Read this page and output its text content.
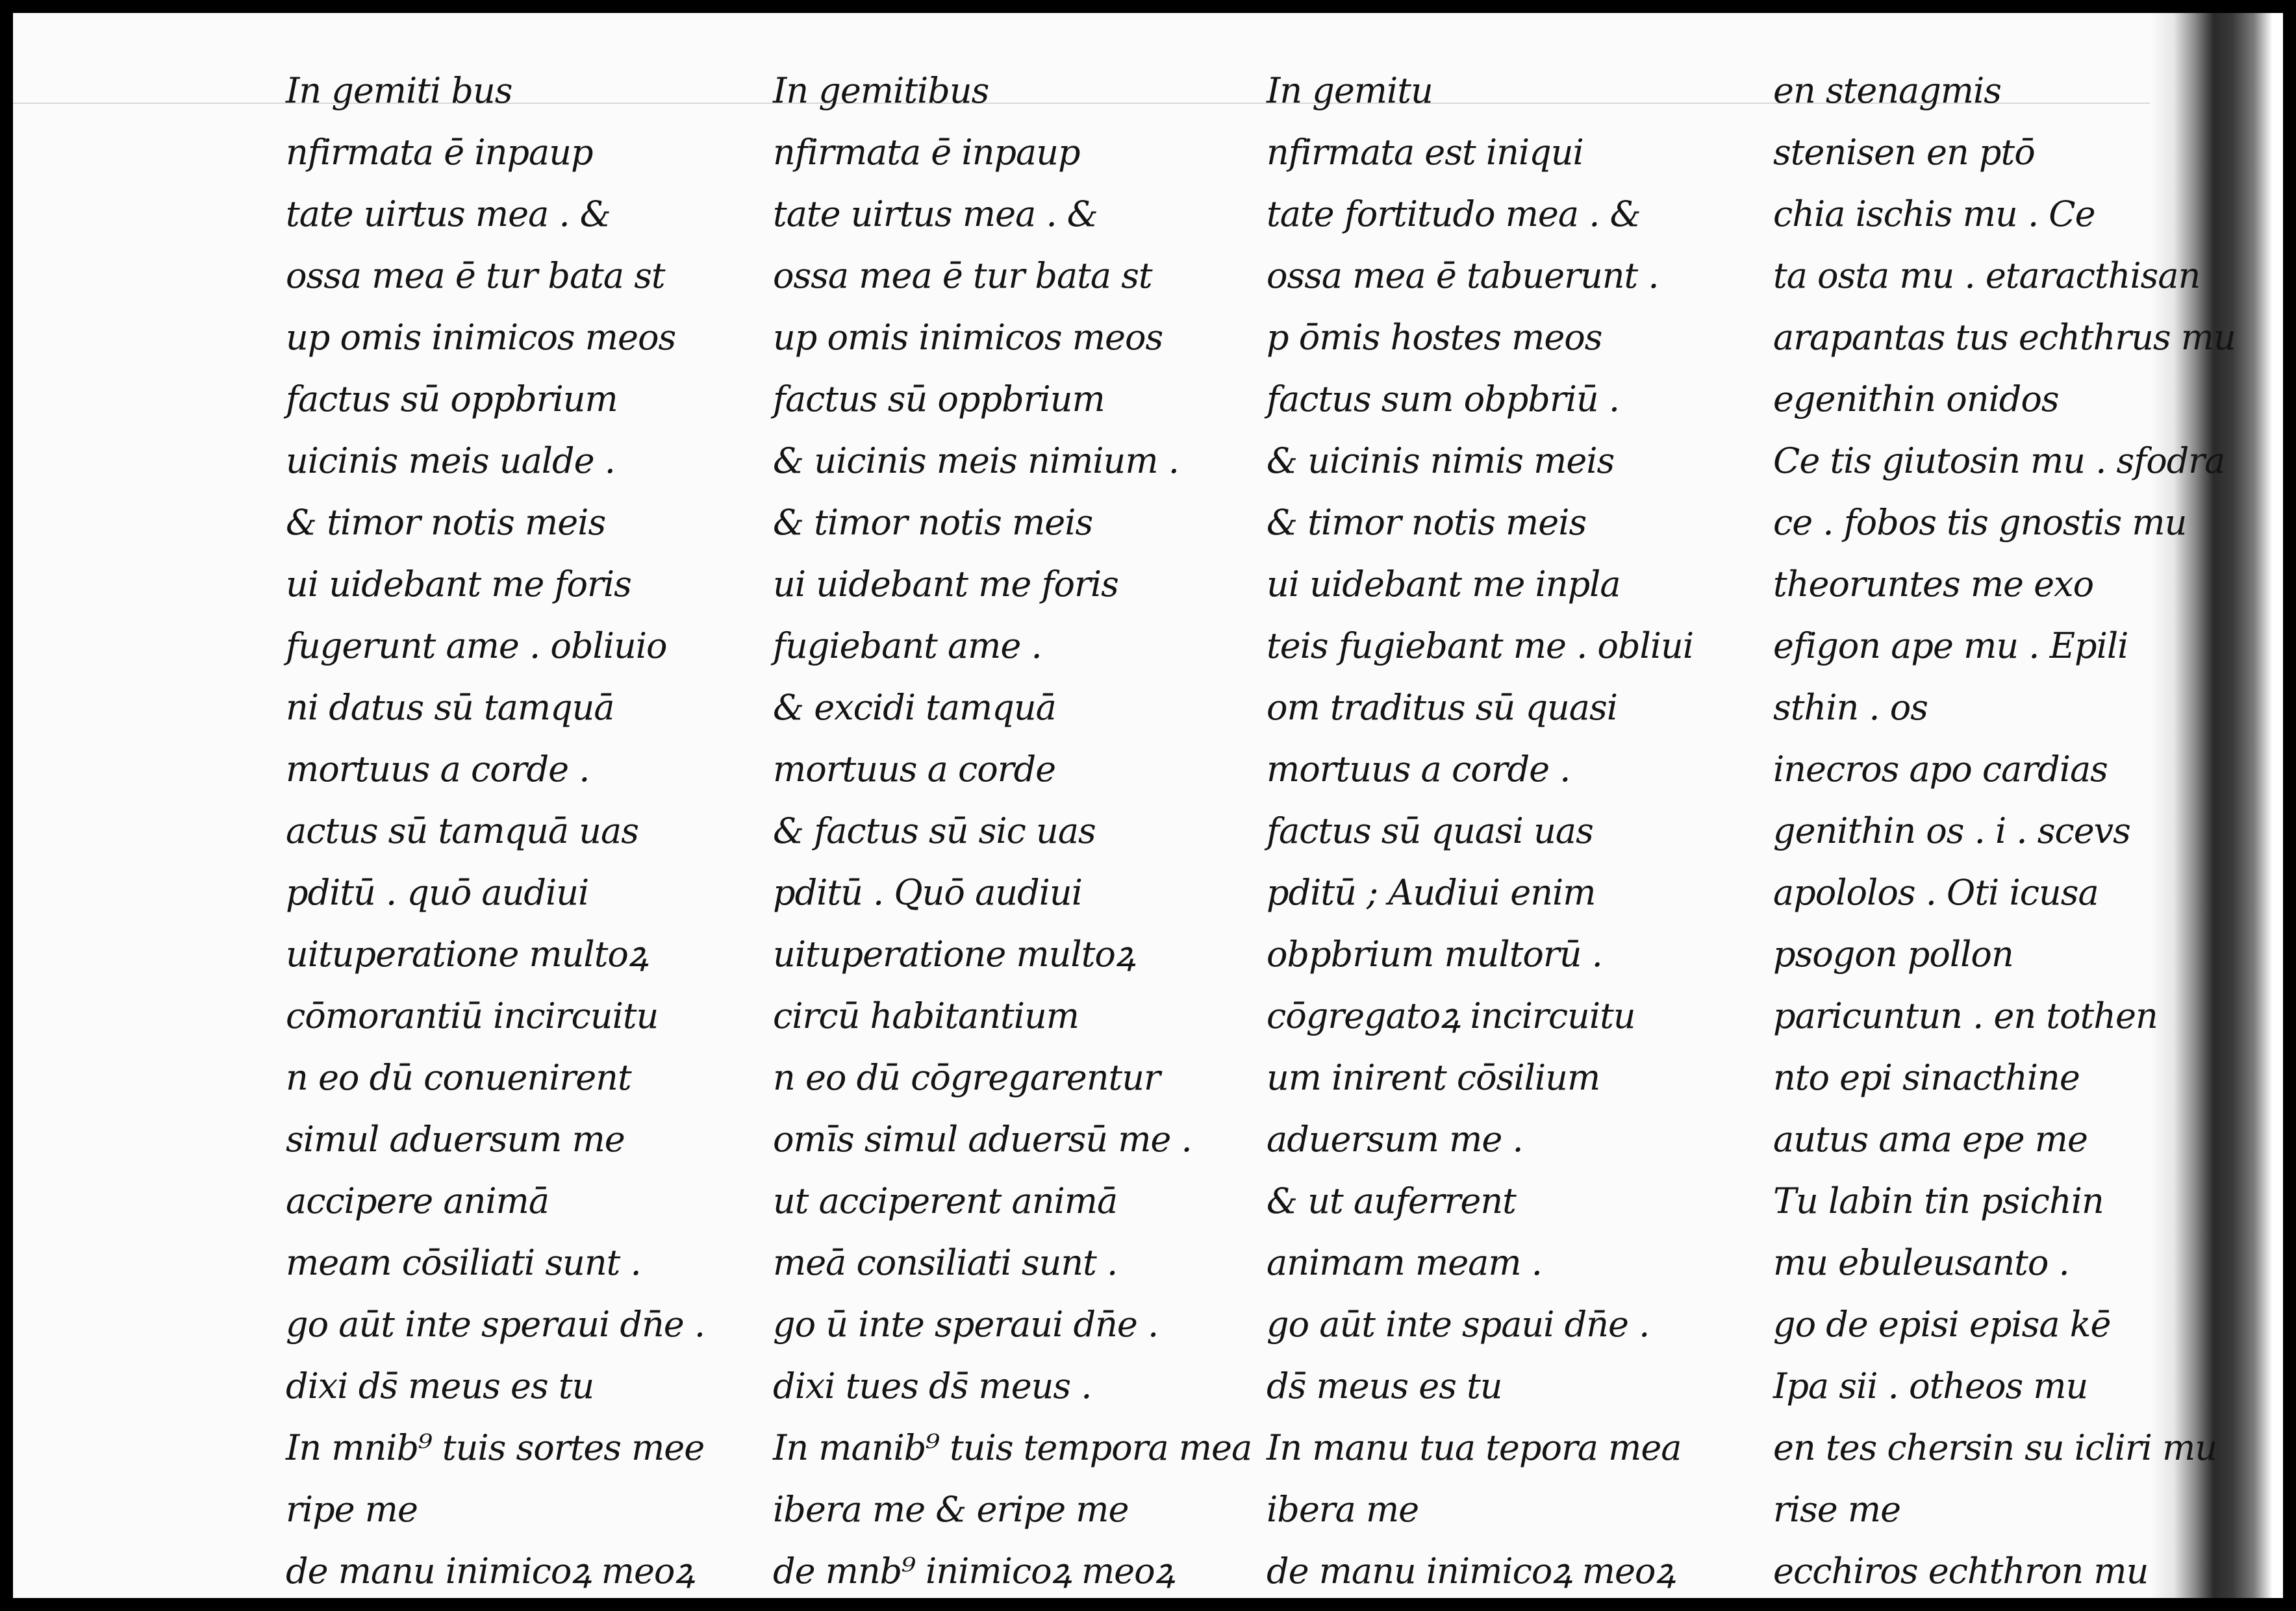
In gemiti bus
nfirmata ē inpaup
tate uirtus mea . &
ossa mea ē tur bata st
up omis inimicos meos
factus sū oppbrium
uicinis meis ualde .
& timor notis meis
ui uidebant me foris
fugerunt ame . obliuio
ni datus sū tamquā
mortuus a corde .
actus sū tamquā uas
pditū . quō audiui
uituperatione multoꝝ
cōmorantiū incircuitu
n eo dū conuenirent
simul aduersum me
accipere animā
meam cōsiliati sunt .
go aūt inte speraui dn̄e .
dixi ds̄ meus es tu
In mnib⁹ tuis sortes mee
ripe me
de manu inimicoꝝ meoꝝ
In gemitibus
nfirmata ē inpaup
tate uirtus mea . &
ossa mea ē tur bata st
up omis inimicos meos
factus sū oppbrium
& uicinis meis nimium .
& timor notis meis
ui uidebant me foris
fugiebant ame .
& excidi tamquā
mortuus a corde
& factus sū sic uas
pditū . Quō audiui
uituperatione multoꝝ
circū habitantium
n eo dū cōgregarentur
omīs simul aduersū me .
ut acciperent animā
meā consiliati sunt .
go ū inte speraui dn̄e .
dixi tues ds̄ meus .
In manib⁹ tuis tempora mea
ibera me & eripe me
de mnb⁹ inimicoꝝ meoꝝ
In gemitu
nfirmata est iniqui
tate fortitudo mea . &
ossa mea ē tabuerunt .
p ōmis hostes meos
factus sum obpbriū .
& uicinis nimis meis
& timor notis meis
ui uidebant me inpla
teis fugiebant me . obliui
om traditus sū quasi
mortuus a corde .
factus sū quasi uas
pditū ; Audiui enim
obpbrium multorū .
cōgregatoꝝ incircuitu
um inirent cōsilium
aduersum me .
& ut auferrent
animam meam .
go aūt inte spaui dn̄e .
ds̄ meus es tu
In manu tua tepora mea
ibera me
de manu inimicoꝝ meoꝝ
en stenagmis
stenisen en ptō
chia ischis mu . Ce
ta osta mu . etaracthisan
arapantas tus echthrus mu
egenithin onidos
Ce tis giutosin mu . sfodra
ce . fobos tis gnostis mu
theoruntes me exo
efigon ape mu . Epili
sthin . os
inecros apo cardias
genithin os . i . scevs
apololos . Oti icusa
psogon pollon
paricuntun . en tothen
nto epi sinacthine
autus ama epe me
Tu labin tin psichin
mu ebuleusanto .
go de episi episa kē
Ipa sii . otheos mu
en tes chersin su icliri mu
rise me
ecchiros echthron mu
